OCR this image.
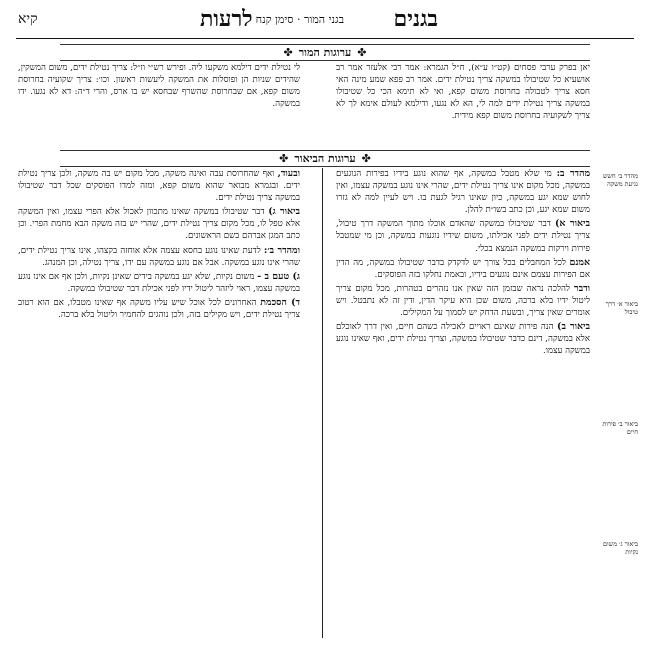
בגנים
בגני המור · סימן קנח
לרעות
קיא
✤ערוגות המור✤

יאן בפרק ערבי פסחים (קט״ו ע״א), ח״ל הגמרא: אמר רבי אלעזר אמר רב אושעיא כל שטיבולו במשקה צריך נטילת ידים. אמר רב פפא שמע מינה האי חסא צריך לטבולה בחרוסת משום קפא, ואי לא תימא הכי כל שטיבולו במשקה צריך נטילת ידים למה לי, הא לא נגעו, ודילמא לעולם אימא לך לא צריך לשקועיה בחרוסת משום קפא מידית.

לי נטילת ידים דילמא משקעו ליה. ופירש רש״י וז״ל: צריך נטילת ידים, משום המשקין, שהידים שניות הן ופוסלות את המשקה ליעשות ראשון. וכו׳: צריך שקועיה בחרוסת משום קפא, אם שבחרוסת שהשרף שבחסא יש בו ארס, והרי ד״ה: דא לא נגעו. ידו במשקה.

✤ערוגות הביאור✤

מהדר ב: מי שלא מטבל במשקה, אף שהוא נוגע בידיו בפירות הנוגעים במשקה, מכל מקום אינו צריך נטילת ידים, שהרי אינו נוגע במשקה עצמו, ואין לחוש שמא יגע במשקה, כיון שאינו רגיל לגעת בו. ויש לעיין למה לא גזרו משום שמא יגע, וכן כתב בשו״ת להלן.

ביאור א) דבר שטיבולו במשקה שהאדם אוכלו מתוך המשקה דרך טיבול, צריך נטילת ידים לפני אכילתו, משום שידיו נוגעות במשקה, וכן מי שמטבל פירות וירקות במשקה הנמצא בכלי.

אמנם לכל המחבלים בכל צורך יש לדקדק בדבר שטיבולו במשקה, מה הדין אם הפירות עצמם אינם נוגעים בידיו, ובאמת נחלקו בזה הפוסקים.

ודבר להלכה נראה שבזמן הזה שאין אנו נזהרים בטהרות, מכל מקום צריך ליטול ידיו בלא ברכה, משום שכן היא עיקר הדין, ודין זה לא נתבטל. ויש אומרים שאין צריך, ובשעת הדחק יש לסמוך על המקילים.

ביאור ב) הנה פירות שאינם ראויים לאכילה כשהם חיים, ואין דרך לאוכלם אלא במשקה, דינם כדבר שטיבולו במשקה, וצריך נטילת ידים, ואף שאינו נוגע במשקה עצמו.

ובעוד, ואף שהחרוסת עבה ואינה משקה, מכל מקום יש בה משקה, ולכן צריך נטילת ידים. ובגמרא מבואר שהוא משום קפא, ומזה למדו הפוסקים שכל דבר שטיבולו במשקה צריך נטילת ידים.

ביאור ג) דבר שטיבולו במשקה שאינו מתכוון לאכול אלא הפרי עצמו, ואין המשקה אלא טפל לו, מכל מקום צריך נטילת ידים, שהרי יש בזה משקה הבא מחמת הפרי. וכן כתב המגן אברהם בשם הראשונים.

ומהדר ב׳: לדעת שאינו נוגע בחסא עצמה אלא אוחזה בקצהו, אינו צריך נטילת ידים, שהרי אינו נוגע במשקה. אבל אם נוגע במשקה עם ידו, צריך נטילה, וכן המנהג.

ג) טעם ב - משום נקיות, שלא יגע במשקה בידים שאינן נקיות, ולכן אף אם אינו נוגע במשקה עצמו, ראוי ליזהר ליטול ידיו לפני אכילת דבר שטיבולו במשקה.

ד) הסכמת האחרונים לכל אוכל שיש עליו משקה אף שאינו מטבלו, אם הוא רטוב צריך נטילת ידים, ויש מקילים בזה, ולכן נוהגים להחמיר וליטול בלא ברכה.

מהדר ב׳ חשש נגיעת משקה
ביאור א׳ דרך טיבול
ביאור ב׳ פירות חיים
ביאור ג׳ משום נקיות
